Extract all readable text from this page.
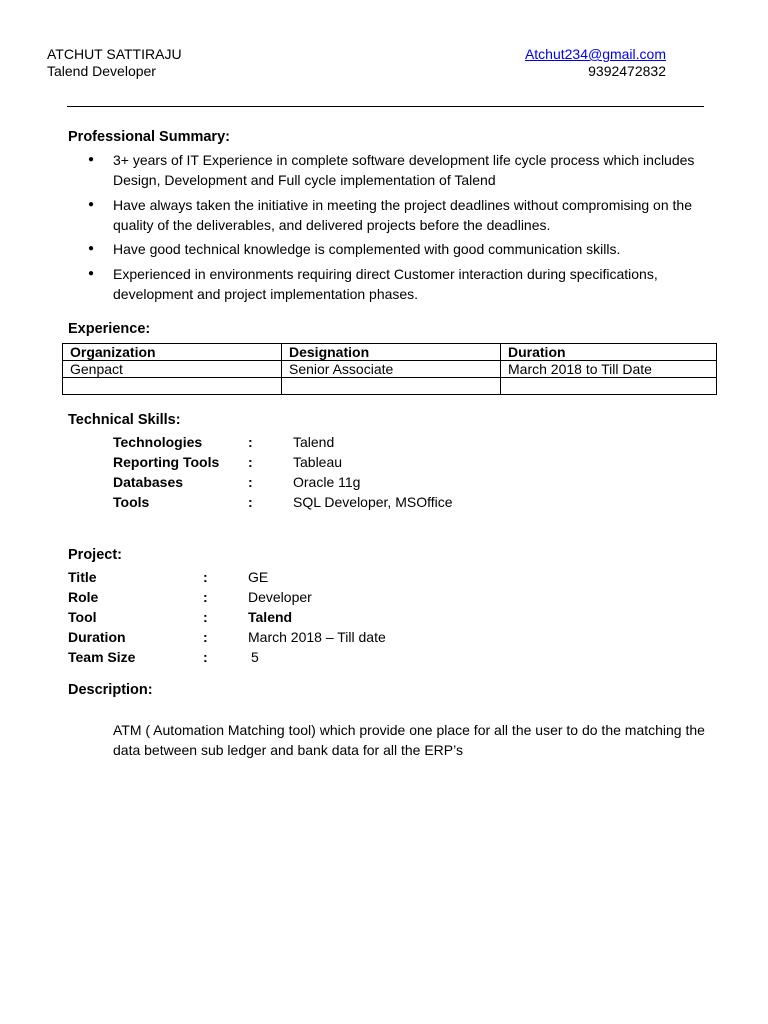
ATCHUT SATTIRAJU
Talend Developer
Atchut234@gmail.com
9392472832
Professional Summary:
● 3+ years of IT Experience in complete software development life cycle process which includes Design, Development and Full cycle implementation of Talend
● Have always taken the initiative in meeting the project deadlines without compromising on the quality of the deliverables, and delivered projects before the deadlines.
● Have good technical knowledge is complemented with good communication skills.
● Experienced in environments requiring direct Customer interaction during specifications, development and project implementation phases.
Experience:
Organization	Designation	Duration
Genpact	Senior Associate	March 2018 to Till Date

Technical Skills:
Technologies	:	Talend
Reporting Tools :	Tableau
Databases	:	Oracle 11g
Tools	:	SQL Developer, MSOffice
Project:
Title	:	GE
Role	:	Developer
Tool	:	Talend
Duration	:	March 2018 – Till date
Team Size	:	5
Description:
ATM ( Automation Matching tool) which provide one place for all the user to do the matching the data between sub ledger and bank data for all the ERP’s
